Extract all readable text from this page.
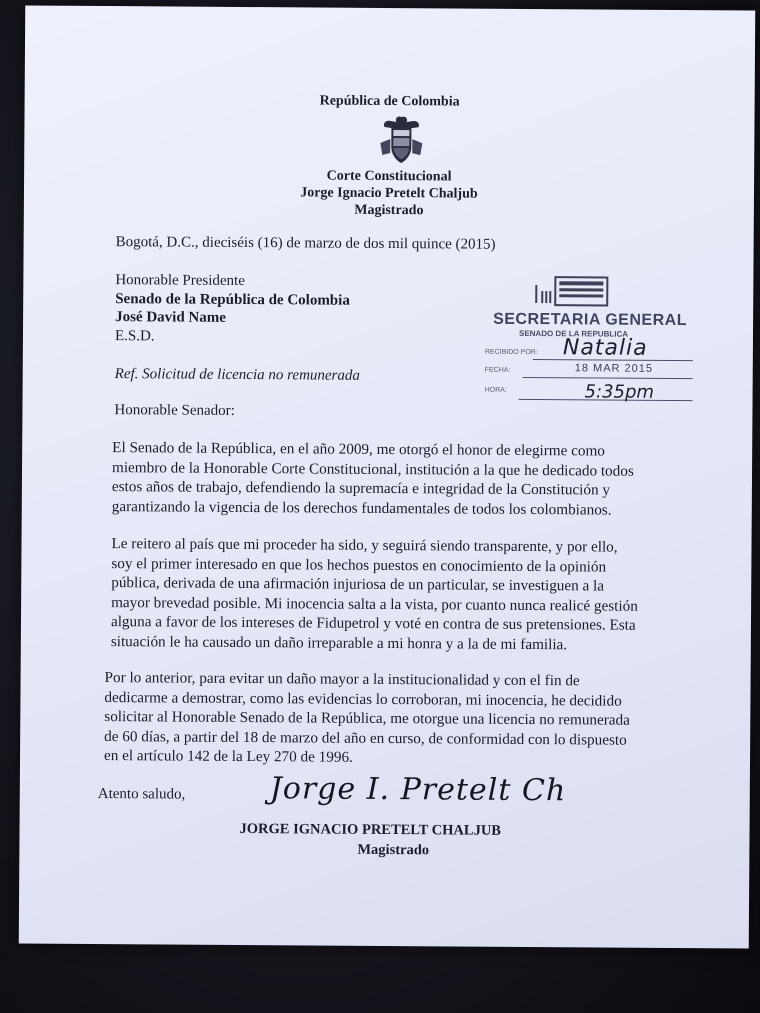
República de Colombia
Corte Constitucional
Jorge Ignacio Pretelt Chaljub
Magistrado
Bogotá, D.C., dieciséis (16) de marzo de dos mil quince (2015)
Honorable Presidente
Senado de la República de Colombia
José David Name
E.S.D.
Ref. Solicitud de licencia no remunerada
Honorable Senador:
El Senado de la República, en el año 2009, me otorgó el honor de elegirme como
miembro de la Honorable Corte Constitucional, institución a la que he dedicado todos
estos años de trabajo, defendiendo la supremacía e integridad de la Constitución y
garantizando la vigencia de los derechos fundamentales de todos los colombianos.
Le reitero al país que mi proceder ha sido, y seguirá siendo transparente, y por ello,
soy el primer interesado en que los hechos puestos en conocimiento de la opinión
pública, derivada de una afirmación injuriosa de un particular, se investiguen a la
mayor brevedad posible. Mi inocencia salta a la vista, por cuanto nunca realicé gestión
alguna a favor de los intereses de Fidupetrol y voté en contra de sus pretensiones. Esta
situación le ha causado un daño irreparable a mi honra y a la de mi familia.
Por lo anterior, para evitar un daño mayor a la institucionalidad y con el fin de
dedicarme a demostrar, como las evidencias lo corroboran, mi inocencia, he decidido
solicitar al Honorable Senado de la República, me otorgue una licencia no remunerada
de 60 días, a partir del 18 de marzo del año en curso, de conformidad con lo dispuesto
en el artículo 142 de la Ley 270 de 1996.
Atento saludo,	Jorge I. Pretelt Ch
JORGE IGNACIO PRETELT CHALJUB
Magistrado
SECRETARIA GENERAL
SENADO DE LA REPUBLICA
RECIBIDO POR: Natalia
FECHA:	18 MAR 2015
HORA:	5:35pm
